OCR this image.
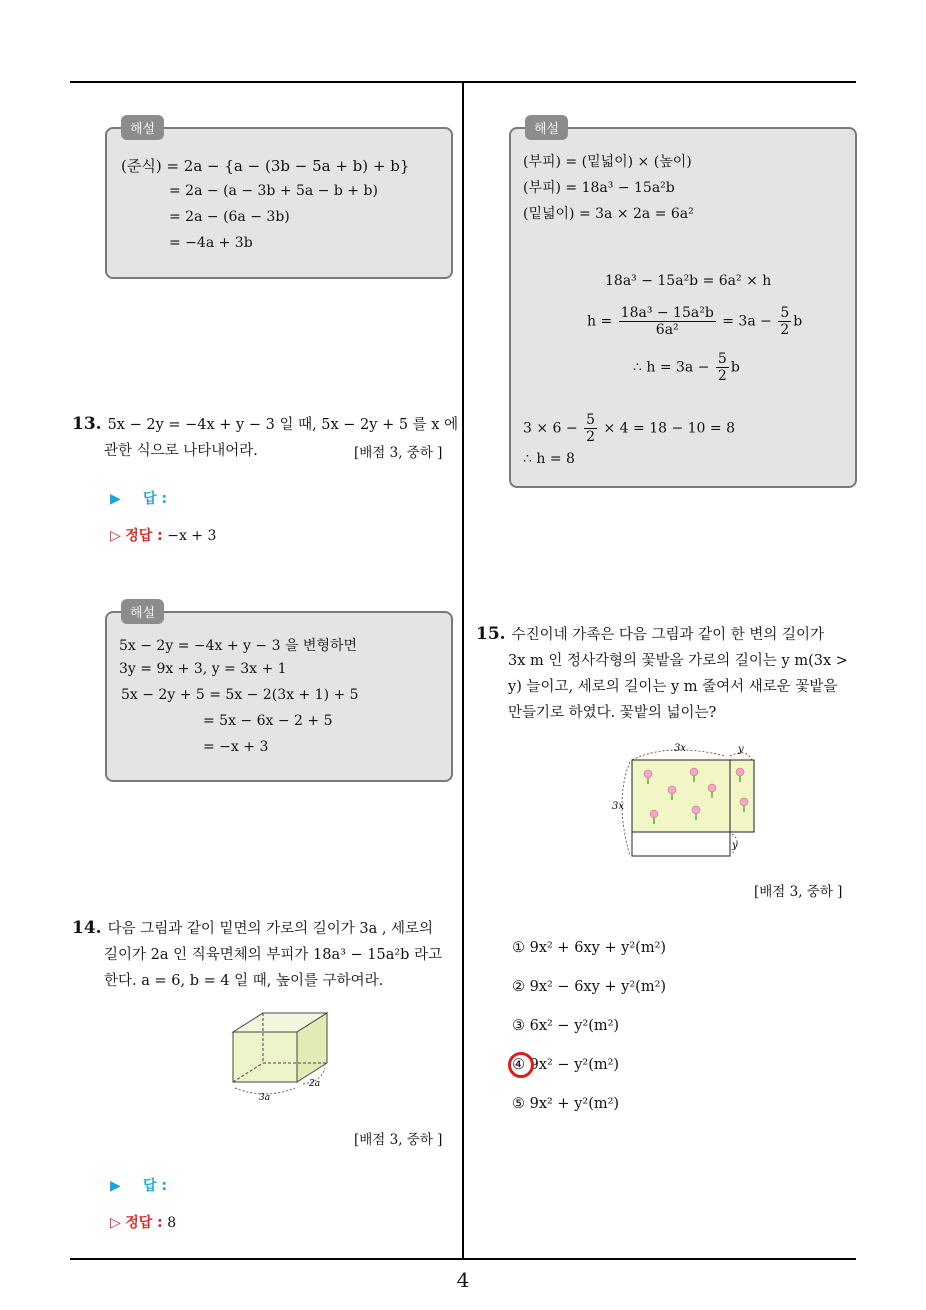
4
해설
(준식) = 2a − {a − (3b − 5a + b) + b}
= 2a − (a − 3b + 5a − b + b)
= 2a − (6a − 3b)
= −4a + 3b
13. 5x − 2y = −4x + y − 3 일 때, 5x − 2y + 5 를 x 에
관한 식으로 나타내어라.	[배점 3, 중하 ]
▶ 답 :
▷ 정답 : −x + 3
해설
5x − 2y = −4x + y − 3 을 변형하면
3y = 9x + 3, y = 3x + 1
5x − 2y + 5 = 5x − 2(3x + 1) + 5
= 5x − 6x − 2 + 5
= −x + 3
14. 다음 그림과 같이 밑면의 가로의 길이가 3a , 세로의
길이가 2a 인 직육면체의 부피가 18a³ − 15a²b 라고
한다. a = 6, b = 4 일 때, 높이를 구하여라.
3a
2a
[배점 3, 중하 ]
▶ 답 :
▷ 정답 : 8
해설
(부피) = (밑넓이) × (높이)
(부피) = 18a³ − 15a²b
(밑넓이) = 3a × 2a = 6a²
18a³ − 15a²b = 6a² × h
$h = \frac{\text{18a³ − 15a²b}}{\text{6a²}} = 3a - \frac{5}{2}$ b
∴ $h = 3a - \frac{5}{2}$ b
$3 \times 6 - \frac{5}{2} \times 4 = 18 - 10 = 8$
∴ h = 8
15. 수진이네 가족은 다음 그림과 같이 한 변의 길이가
3x m 인 정사각형의 꽃밭을 가로의 길이는 y m(3x >
y) 늘이고, 세로의 길이는 y m 줄여서 새로운 꽃밭을
만들기로 하였다. 꽃밭의 넓이는?
3x	y
3x
y
[배점 3, 중하 ]
① 9x² + 6xy + y²(m²)
② 9x² − 6xy + y²(m²)
③ 6x² − y²(m²)
④ 9x² − y²(m²)
⑤ 9x² + y²(m²)
